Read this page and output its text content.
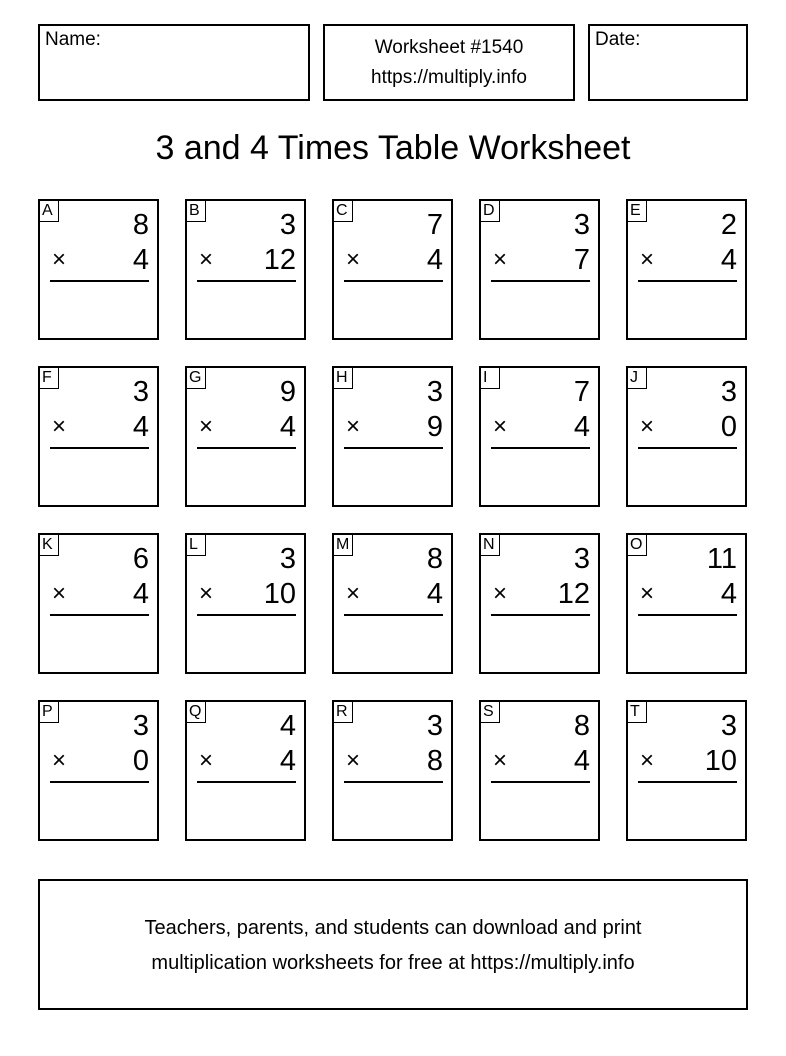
Name:	Worksheet #1540
https://multiply.info
Date:
3 and 4 Times Table Worksheet
A	8
× 4
B	3
× 12
C	7
× 4
D	3
× 7
E	2
× 4
F	3
× 4
G	9
× 4
H	3
× 9
I	7
× 4
J	3
× 0
K	6
× 4
L	3
× 10
M	8
× 4
N	3
× 12
O 11
× 4
P	3
× 0
Q	4
× 4
R	3
× 8
S	8
× 4
T	3
× 10
Teachers, parents, and students can download and print
multiplication worksheets for free at https://multiply.info
